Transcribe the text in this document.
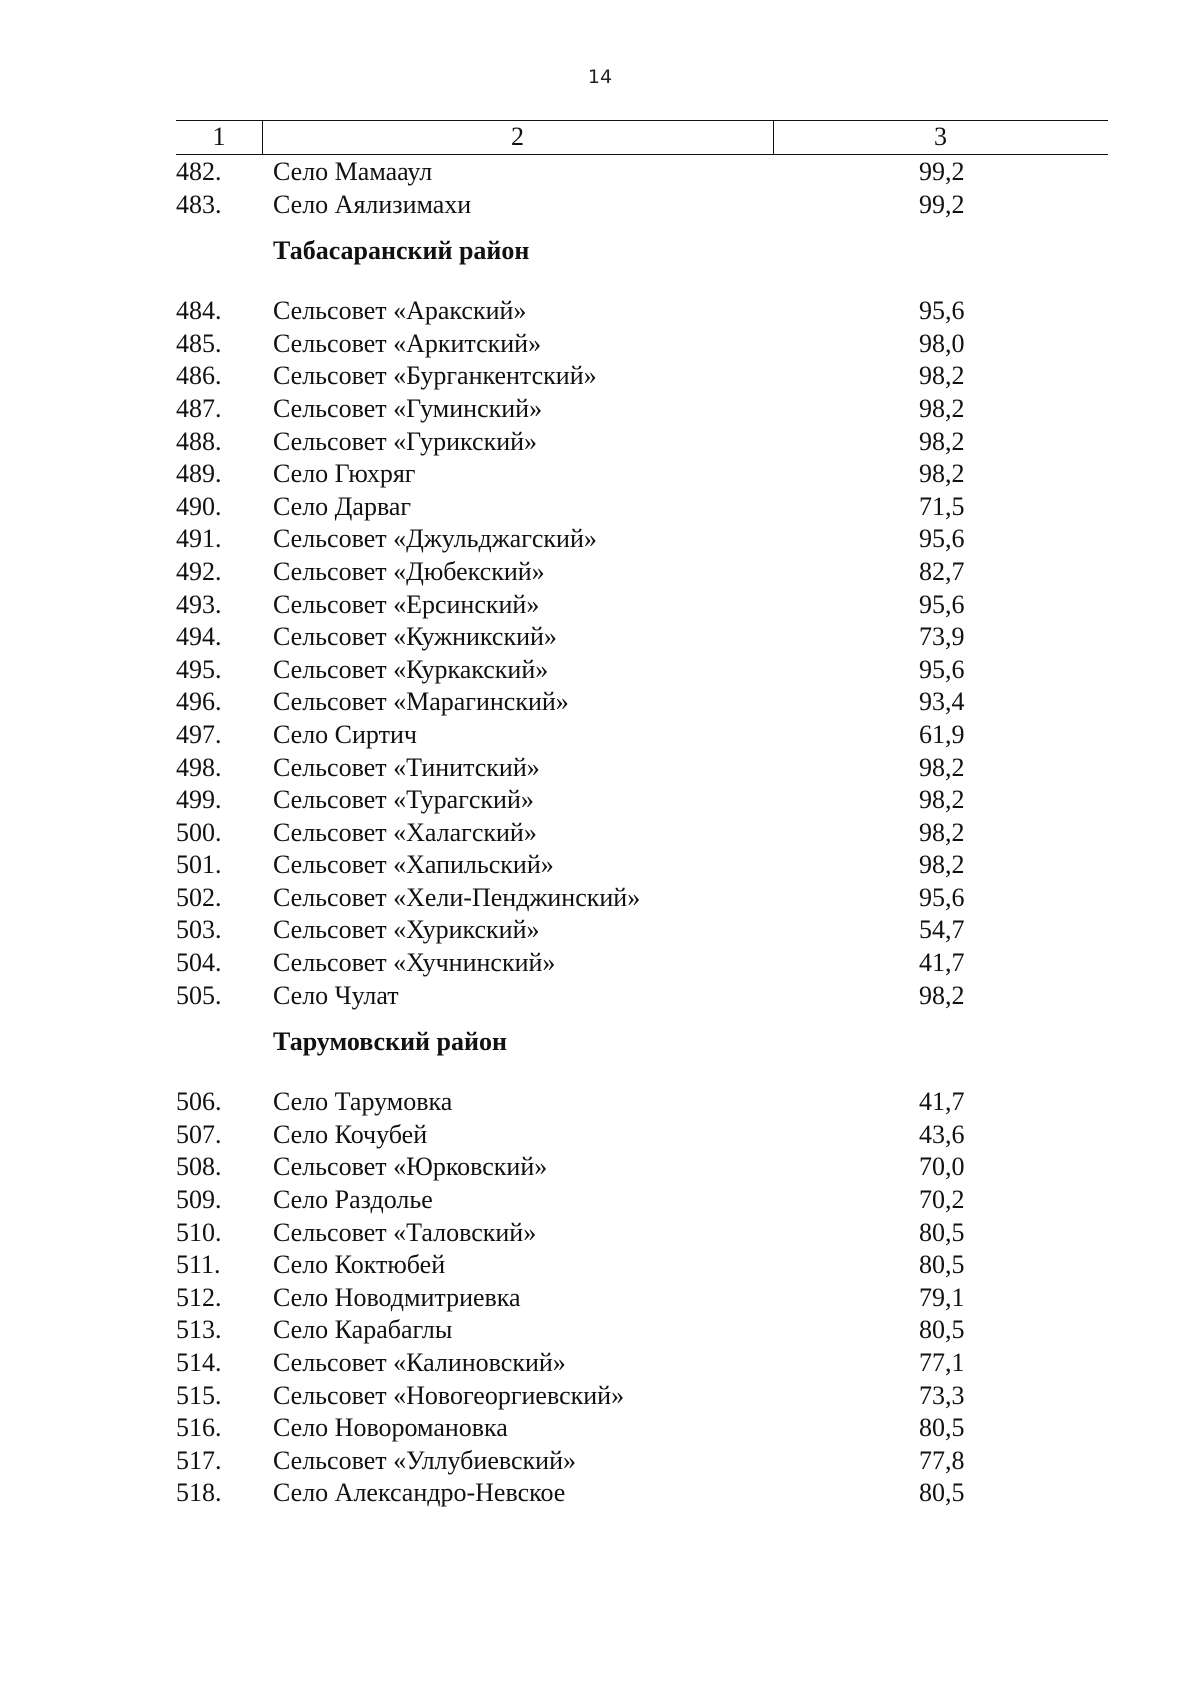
14
1	2	3
482.	Село Мамааул	99,2
483.	Село Аялизимахи	99,2
Табасаранский район
484.	Сельсовет «Аракский»	95,6
485.	Сельсовет «Аркитский»	98,0
486.	Сельсовет «Бурганкентский»	98,2
487.	Сельсовет «Гуминский»	98,2
488.	Сельсовет «Гурикский»	98,2
489.	Село Гюхряг	98,2
490.	Село Дарваг	71,5
491.	Сельсовет «Джульджагский»	95,6
492.	Сельсовет «Дюбекский»	82,7
493.	Сельсовет «Ерсинский»	95,6
494.	Сельсовет «Кужникский»	73,9
495.	Сельсовет «Куркакский»	95,6
496.	Сельсовет «Марагинский»	93,4
497.	Село Сиртич	61,9
498.	Сельсовет «Тинитский»	98,2
499.	Сельсовет «Турагский»	98,2
500.	Сельсовет «Халагский»	98,2
501.	Сельсовет «Хапильский»	98,2
502.	Сельсовет «Хели-Пенджинский»	95,6
503.	Сельсовет «Хурикский»	54,7
504.	Сельсовет «Хучнинский»	41,7
505.	Село Чулат	98,2
Тарумовский район
506.	Село Тарумовка	41,7
507.	Село Кочубей	43,6
508.	Сельсовет «Юрковский»	70,0
509.	Село Раздолье	70,2
510.	Сельсовет «Таловский»	80,5
511.	Село Коктюбей	80,5
512.	Село Новодмитриевка	79,1
513.	Село Карабаглы	80,5
514.	Сельсовет «Калиновский»	77,1
515.	Сельсовет «Новогеоргиевский»	73,3
516.	Село Новоромановка	80,5
517.	Сельсовет «Уллубиевский»	77,8
518.	Село Александро-Невское	80,5
